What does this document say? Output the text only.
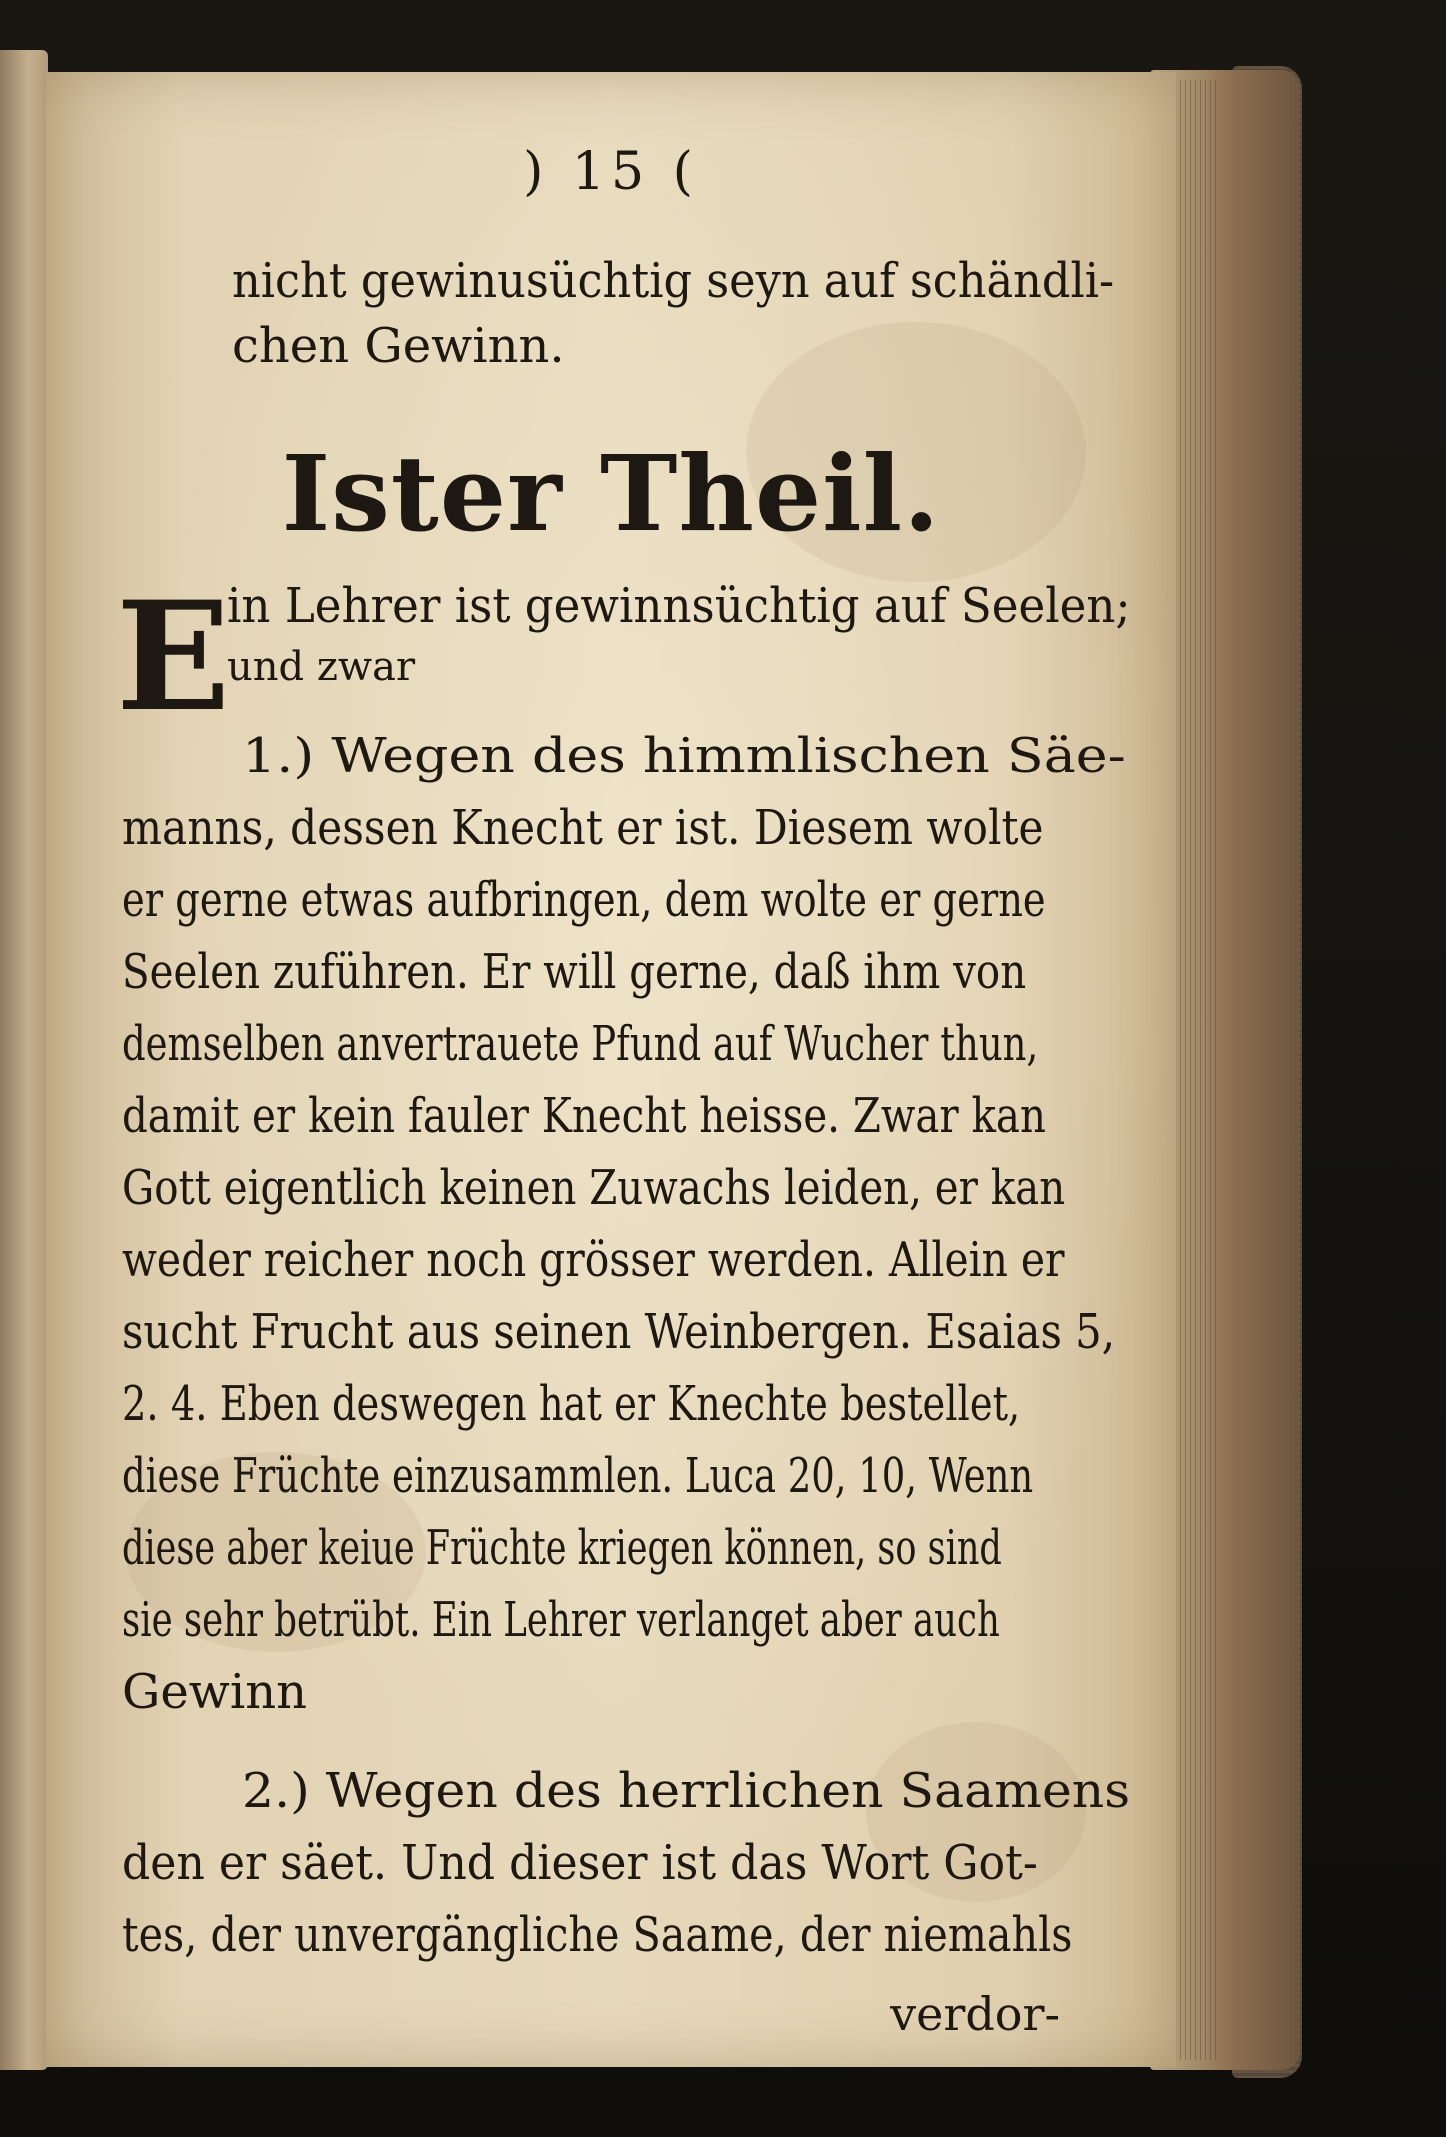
) 15 (
nicht gewinusüchtig seyn auf schändli-
chen Gewinn.
Ister Theil.
E
in Lehrer ist gewinnsüchtig auf Seelen;
und zwar
1.) Wegen des himmlischen Säe-
manns, dessen Knecht er ist. Diesem wolte
er gerne etwas aufbringen, dem wolte er gerne
Seelen zuführen. Er will gerne, daß ihm von
demselben anvertrauete Pfund auf Wucher thun,
damit er kein fauler Knecht heisse. Zwar kan
Gott eigentlich keinen Zuwachs leiden, er kan
weder reicher noch grösser werden. Allein er
sucht Frucht aus seinen Weinbergen. Esaias 5,
2. 4. Eben deswegen hat er Knechte bestellet,
diese Früchte einzusammlen. Luca 20, 10, Wenn
diese aber keiue Früchte kriegen können, so sind
sie sehr betrübt. Ein Lehrer verlanget aber auch
Gewinn
2.) Wegen des herrlichen Saamens
den er säet. Und dieser ist das Wort Got-
tes, der unvergängliche Saame, der niemahls
verdor-
